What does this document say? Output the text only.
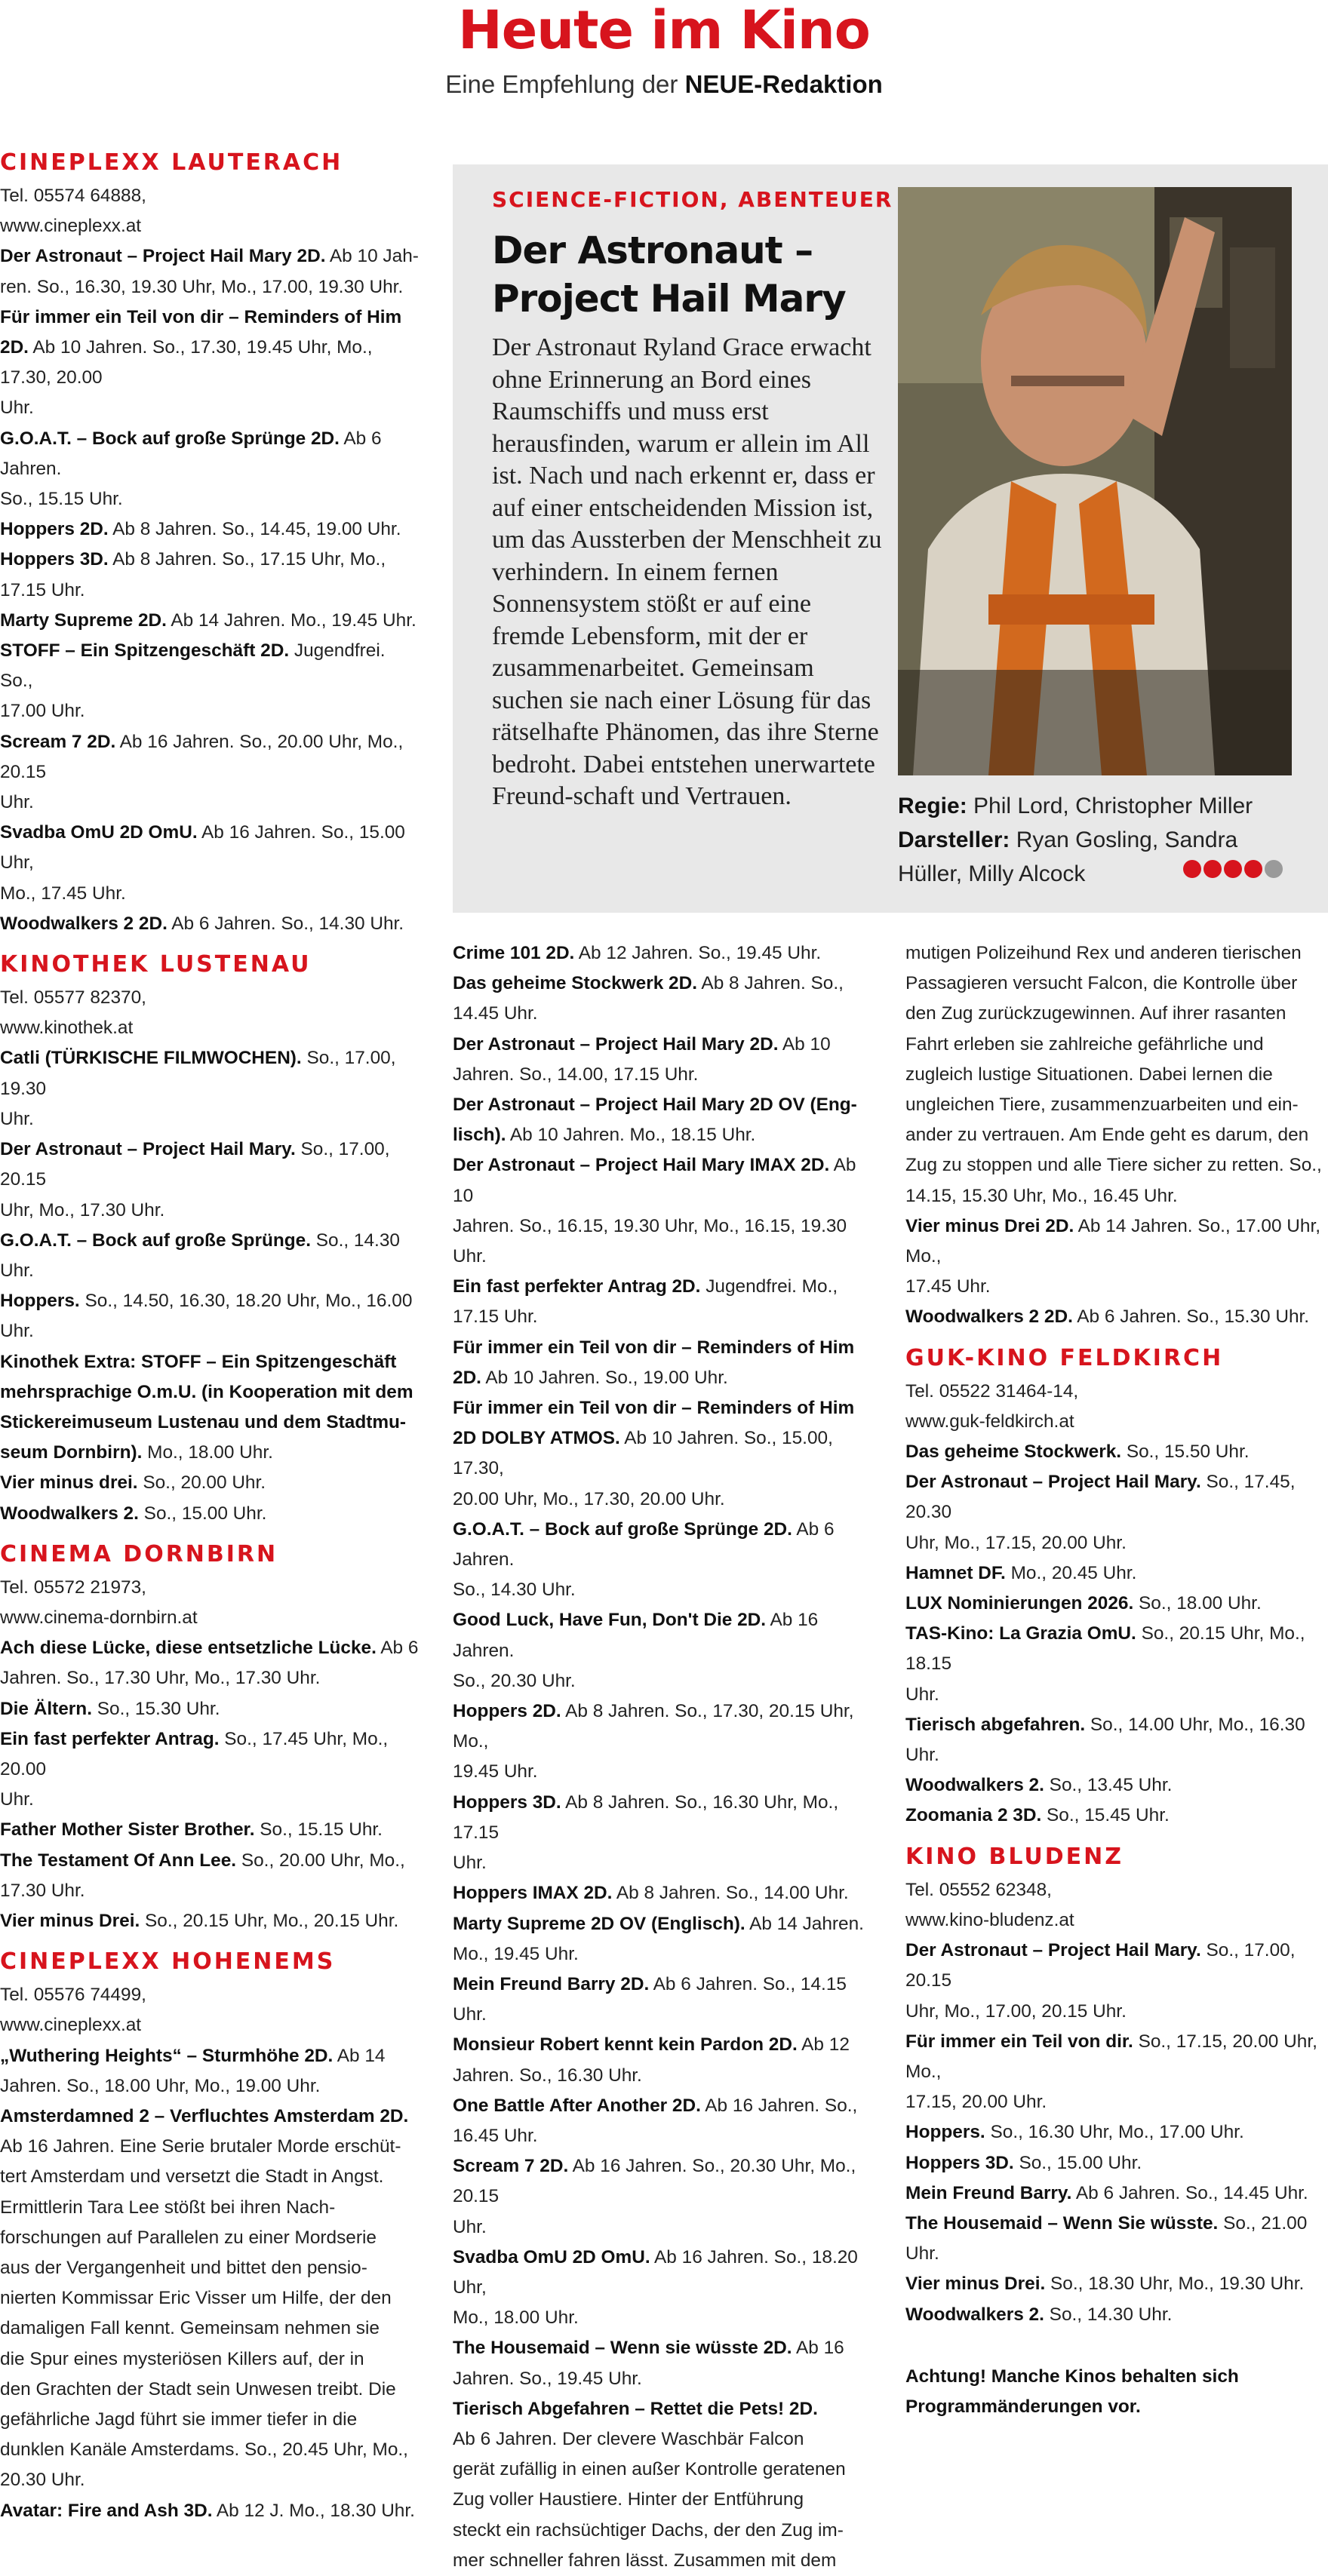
Heute im Kino
Eine Empfehlung der NEUE-Redaktion
CINEPLEXX LAUTERACH
Tel. 05574 64888,
www.cineplexx.at
Der Astronaut – Project Hail Mary 2D. Ab 10 Jah-
ren. So., 16.30, 19.30 Uhr, Mo., 17.00, 19.30 Uhr.
Für immer ein Teil von dir – Reminders of Him
2D. Ab 10 Jahren. So., 17.30, 19.45 Uhr, Mo., 17.30, 20.00
Uhr.
G.O.A.T. – Bock auf große Sprünge 2D. Ab 6 Jahren.
So., 15.15 Uhr.
Hoppers 2D. Ab 8 Jahren. So., 14.45, 19.00 Uhr.
Hoppers 3D. Ab 8 Jahren. So., 17.15 Uhr, Mo., 17.15 Uhr.
Marty Supreme 2D. Ab 14 Jahren. Mo., 19.45 Uhr.
STOFF – Ein Spitzengeschäft 2D. Jugendfrei. So.,
17.00 Uhr.
Scream 7 2D. Ab 16 Jahren. So., 20.00 Uhr, Mo., 20.15
Uhr.
Svadba OmU 2D OmU. Ab 16 Jahren. So., 15.00 Uhr,
Mo., 17.45 Uhr.
Woodwalkers 2 2D. Ab 6 Jahren. So., 14.30 Uhr.
KINOTHEK LUSTENAU
Tel. 05577 82370,
www.kinothek.at
Catli (TÜRKISCHE FILMWOCHEN). So., 17.00, 19.30
Uhr.
Der Astronaut – Project Hail Mary. So., 17.00, 20.15
Uhr, Mo., 17.30 Uhr.
G.O.A.T. – Bock auf große Sprünge. So., 14.30 Uhr.
Hoppers. So., 14.50, 16.30, 18.20 Uhr, Mo., 16.00 Uhr.
Kinothek Extra: STOFF – Ein Spitzengeschäft
mehrsprachige O.m.U. (in Kooperation mit dem
Stickereimuseum Lustenau und dem Stadtmu-
seum Dornbirn). Mo., 18.00 Uhr.
Vier minus drei. So., 20.00 Uhr.
Woodwalkers 2. So., 15.00 Uhr.
CINEMA DORNBIRN
Tel. 05572 21973,
www.cinema-dornbirn.at
Ach diese Lücke, diese entsetzliche Lücke. Ab 6
Jahren. So., 17.30 Uhr, Mo., 17.30 Uhr.
Die Ältern. So., 15.30 Uhr.
Ein fast perfekter Antrag. So., 17.45 Uhr, Mo., 20.00
Uhr.
Father Mother Sister Brother. So., 15.15 Uhr.
The Testament Of Ann Lee. So., 20.00 Uhr, Mo.,
17.30 Uhr.
Vier minus Drei. So., 20.15 Uhr, Mo., 20.15 Uhr.
CINEPLEXX HOHENEMS
Tel. 05576 74499,
www.cineplexx.at
„Wuthering Heights“ – Sturmhöhe 2D. Ab 14
Jahren. So., 18.00 Uhr, Mo., 19.00 Uhr.
Amsterdamned 2 – Verfluchtes Amsterdam 2D.
Ab 16 Jahren. Eine Serie brutaler Morde erschüt-
tert Amsterdam und versetzt die Stadt in Angst.
Ermittlerin Tara Lee stößt bei ihren Nach-
forschungen auf Parallelen zu einer Mordserie
aus der Vergangenheit und bittet den pensio-
nierten Kommissar Eric Visser um Hilfe, der den
damaligen Fall kennt. Gemeinsam nehmen sie
die Spur eines mysteriösen Killers auf, der in
den Grachten der Stadt sein Unwesen treibt. Die
gefährliche Jagd führt sie immer tiefer in die
dunklen Kanäle Amsterdams. So., 20.45 Uhr, Mo.,
20.30 Uhr.
Avatar: Fire and Ash 3D. Ab 12 J. Mo., 18.30 Uhr.
SCIENCE-FICTION, ABENTEUER
Der Astronaut – Project Hail Mary
Der Astronaut Ryland Grace erwacht ohne Erinnerung an Bord eines Raumschiffs und muss erst herausfinden, warum er allein im All ist. Nach und nach erkennt er, dass er auf einer entscheidenden Mission ist, um das Aussterben der Menschheit zu verhindern. In einem fernen Sonnensystem stößt er auf eine fremde Lebensform, mit der er zusammenarbeitet. Gemeinsam suchen sie nach einer Lösung für das rätselhafte Phänomen, das ihre Sterne bedroht. Dabei entstehen unerwartete Freund-schaft und Vertrauen.	Regie: Phil Lord, Christopher Miller
Darsteller: Ryan Gosling, Sandra Hüller, Milly Alcock
Crime 101 2D. Ab 12 Jahren. So., 19.45 Uhr.
Das geheime Stockwerk 2D. Ab 8 Jahren. So.,
14.45 Uhr.
Der Astronaut – Project Hail Mary 2D. Ab 10
Jahren. So., 14.00, 17.15 Uhr.
Der Astronaut – Project Hail Mary 2D OV (Eng-
lisch). Ab 10 Jahren. Mo., 18.15 Uhr.
Der Astronaut – Project Hail Mary IMAX 2D. Ab 10
Jahren. So., 16.15, 19.30 Uhr, Mo., 16.15, 19.30 Uhr.
Ein fast perfekter Antrag 2D. Jugendfrei. Mo.,
17.15 Uhr.
Für immer ein Teil von dir – Reminders of Him
2D. Ab 10 Jahren. So., 19.00 Uhr.
Für immer ein Teil von dir – Reminders of Him
2D DOLBY ATMOS. Ab 10 Jahren. So., 15.00, 17.30,
20.00 Uhr, Mo., 17.30, 20.00 Uhr.
G.O.A.T. – Bock auf große Sprünge 2D. Ab 6 Jahren.
So., 14.30 Uhr.
Good Luck, Have Fun, Don't Die 2D. Ab 16 Jahren.
So., 20.30 Uhr.
Hoppers 2D. Ab 8 Jahren. So., 17.30, 20.15 Uhr, Mo.,
19.45 Uhr.
Hoppers 3D. Ab 8 Jahren. So., 16.30 Uhr, Mo., 17.15
Uhr.
Hoppers IMAX 2D. Ab 8 Jahren. So., 14.00 Uhr.
Marty Supreme 2D OV (Englisch). Ab 14 Jahren.
Mo., 19.45 Uhr.
Mein Freund Barry 2D. Ab 6 Jahren. So., 14.15 Uhr.
Monsieur Robert kennt kein Pardon 2D. Ab 12
Jahren. So., 16.30 Uhr.
One Battle After Another 2D. Ab 16 Jahren. So.,
16.45 Uhr.
Scream 7 2D. Ab 16 Jahren. So., 20.30 Uhr, Mo., 20.15
Uhr.
Svadba OmU 2D OmU. Ab 16 Jahren. So., 18.20 Uhr,
Mo., 18.00 Uhr.
The Housemaid – Wenn sie wüsste 2D. Ab 16
Jahren. So., 19.45 Uhr.
Tierisch Abgefahren – Rettet die Pets! 2D.
Ab 6 Jahren. Der clevere Waschbär Falcon
gerät zufällig in einen außer Kontrolle geratenen
Zug voller Haustiere. Hinter der Entführung
steckt ein rachsüchtiger Dachs, der den Zug im-
mer schneller fahren lässt. Zusammen mit dem
mutigen Polizeihund Rex und anderen tierischen
Passagieren versucht Falcon, die Kontrolle über
den Zug zurückzugewinnen. Auf ihrer rasanten
Fahrt erleben sie zahlreiche gefährliche und
zugleich lustige Situationen. Dabei lernen die
ungleichen Tiere, zusammenzuarbeiten und ein-
ander zu vertrauen. Am Ende geht es darum, den
Zug zu stoppen und alle Tiere sicher zu retten. So.,
14.15, 15.30 Uhr, Mo., 16.45 Uhr.
Vier minus Drei 2D. Ab 14 Jahren. So., 17.00 Uhr, Mo.,
17.45 Uhr.
Woodwalkers 2 2D. Ab 6 Jahren. So., 15.30 Uhr.
GUK-KINO FELDKIRCH
Tel. 05522 31464-14,
www.guk-feldkirch.at
Das geheime Stockwerk. So., 15.50 Uhr.
Der Astronaut – Project Hail Mary. So., 17.45, 20.30
Uhr, Mo., 17.15, 20.00 Uhr.
Hamnet DF. Mo., 20.45 Uhr.
LUX Nominierungen 2026. So., 18.00 Uhr.
TAS-Kino: La Grazia OmU. So., 20.15 Uhr, Mo., 18.15
Uhr.
Tierisch abgefahren. So., 14.00 Uhr, Mo., 16.30 Uhr.
Woodwalkers 2. So., 13.45 Uhr.
Zoomania 2 3D. So., 15.45 Uhr.
KINO BLUDENZ
Tel. 05552 62348,
www.kino-bludenz.at
Der Astronaut – Project Hail Mary. So., 17.00, 20.15
Uhr, Mo., 17.00, 20.15 Uhr.
Für immer ein Teil von dir. So., 17.15, 20.00 Uhr, Mo.,
17.15, 20.00 Uhr.
Hoppers. So., 16.30 Uhr, Mo., 17.00 Uhr.
Hoppers 3D. So., 15.00 Uhr.
Mein Freund Barry. Ab 6 Jahren. So., 14.45 Uhr.
The Housemaid – Wenn Sie wüsste. So., 21.00 Uhr.
Vier minus Drei. So., 18.30 Uhr, Mo., 19.30 Uhr.
Woodwalkers 2. So., 14.30 Uhr.
Achtung! Manche Kinos behalten sich
Programmänderungen vor.
